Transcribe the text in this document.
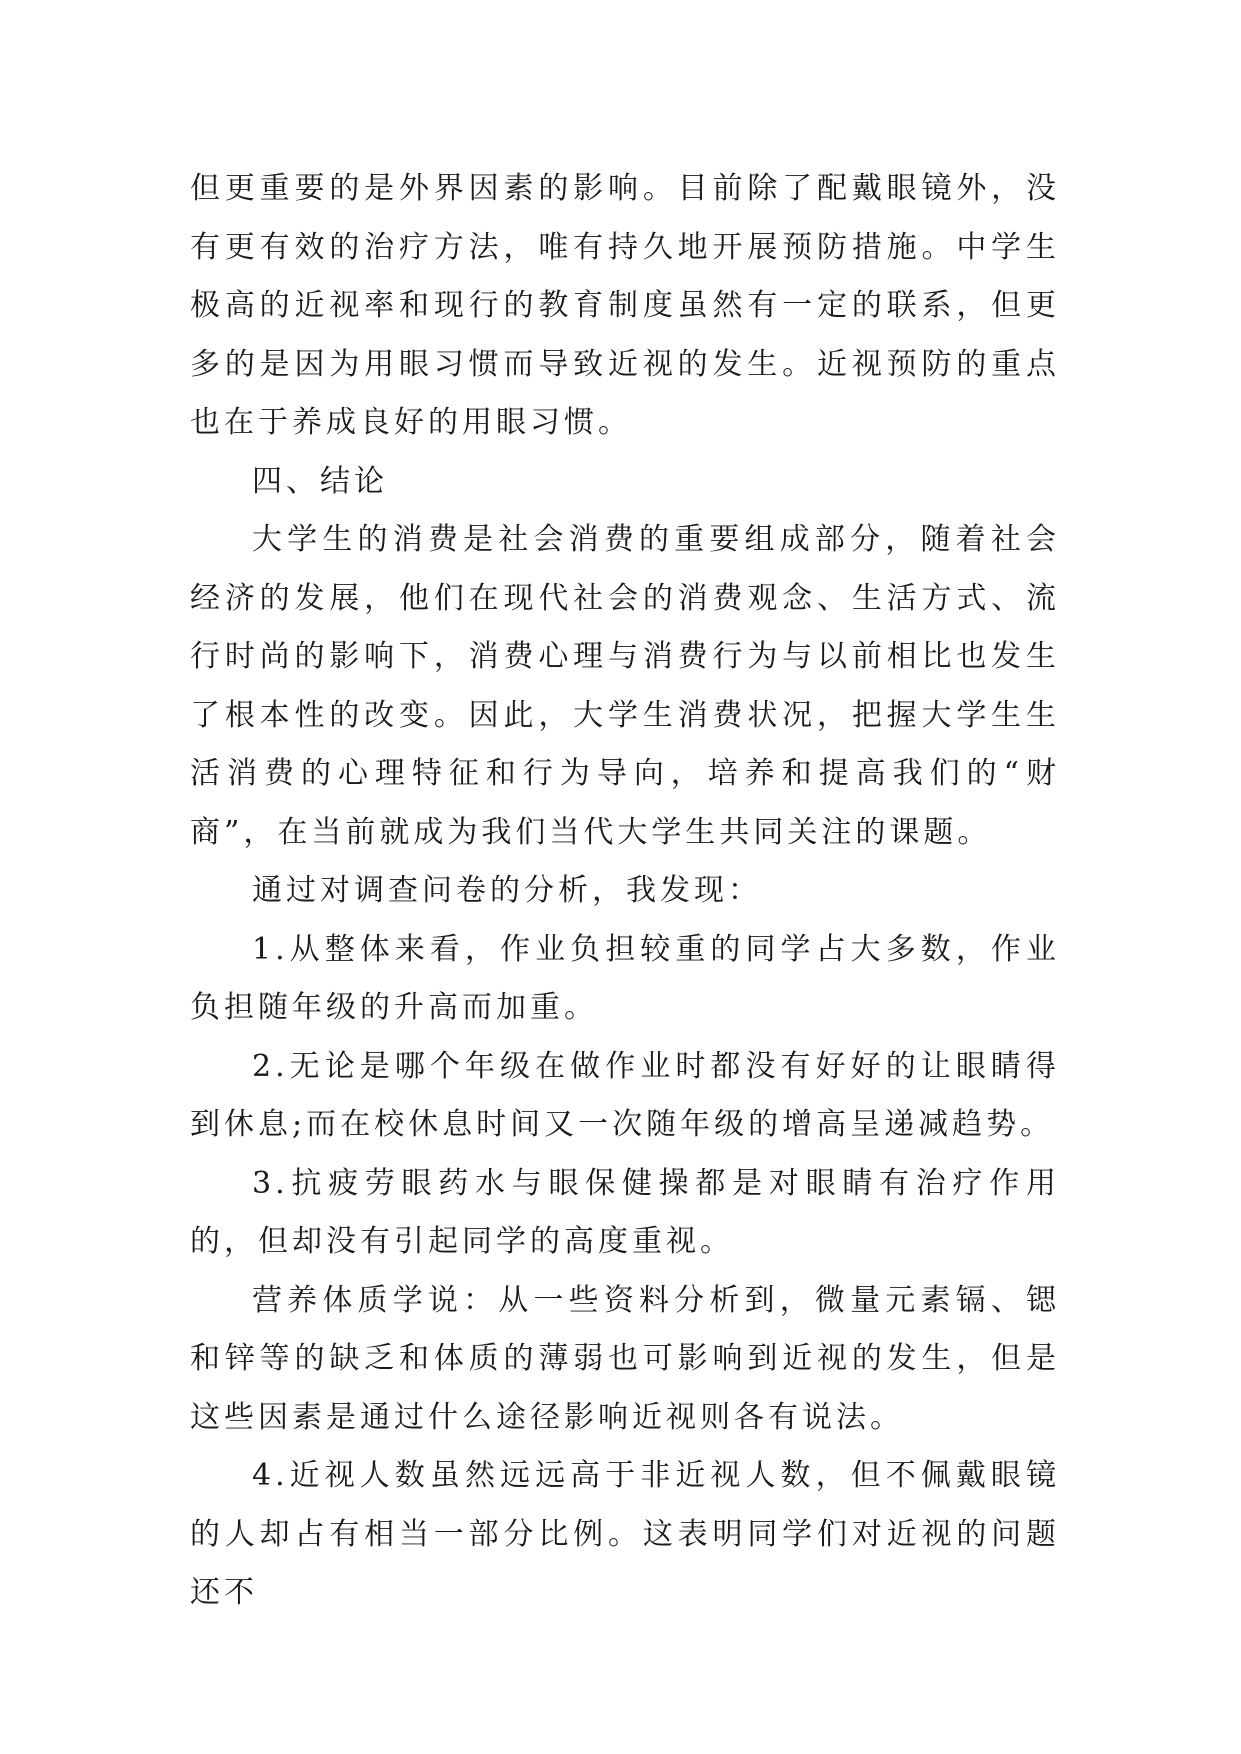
但更重要的是外界因素的影响。目前除了配戴眼镜外，没有更有效的治疗方法，唯有持久地开展预防措施。中学生极高的近视率和现行的教育制度虽然有一定的联系，但更多的是因为用眼习惯而导致近视的发生。近视预防的重点也在于养成良好的用眼习惯。

四、结论

大学生的消费是社会消费的重要组成部分，随着社会经济的发展，他们在现代社会的消费观念、生活方式、流行时尚的影响下，消费心理与消费行为与以前相比也发生了根本性的改变。因此，大学生消费状况，把握大学生生活消费的心理特征和行为导向，培养和提高我们的“财商”，在当前就成为我们当代大学生共同关注的课题。

通过对调查问卷的分析，我发现：

1.从整体来看，作业负担较重的同学占大多数，作业负担随年级的升高而加重。

2.无论是哪个年级在做作业时都没有好好的让眼睛得到休息;而在校休息时间又一次随年级的增高呈递减趋势。

3.抗疲劳眼药水与眼保健操都是对眼睛有治疗作用的，但却没有引起同学的高度重视。

营养体质学说：从一些资料分析到，微量元素镉、锶和锌等的缺乏和体质的薄弱也可影响到近视的发生，但是这些因素是通过什么途径影响近视则各有说法。

4.近视人数虽然远远高于非近视人数，但不佩戴眼镜的人却占有相当一部分比例。这表明同学们对近视的问题还不
